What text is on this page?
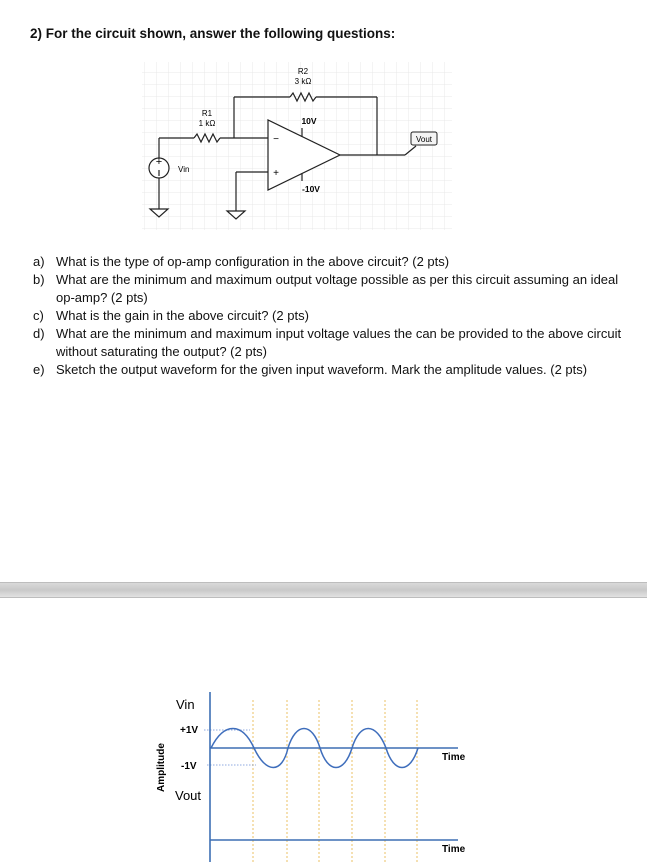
2) For the circuit shown, answer the following questions:
+
R2
3 kΩ
R1
1 kΩ	10V
-10V
Vin
Vout
−
+
a) What is the type of op-amp configuration in the above circuit? (2 pts)
b) What are the minimum and maximum output voltage possible as per this circuit assuming an ideal op-amp? (2 pts)
c) What is the gain in the above circuit? (2 pts)
d) What are the minimum and maximum input voltage values the can be provided to the above circuit without saturating the output? (2 pts)
e) Sketch the output waveform for the given input waveform. Mark the amplitude values. (2 pts)
Vin
+1V
-1V
Vout
Amplitude	Time
Time
